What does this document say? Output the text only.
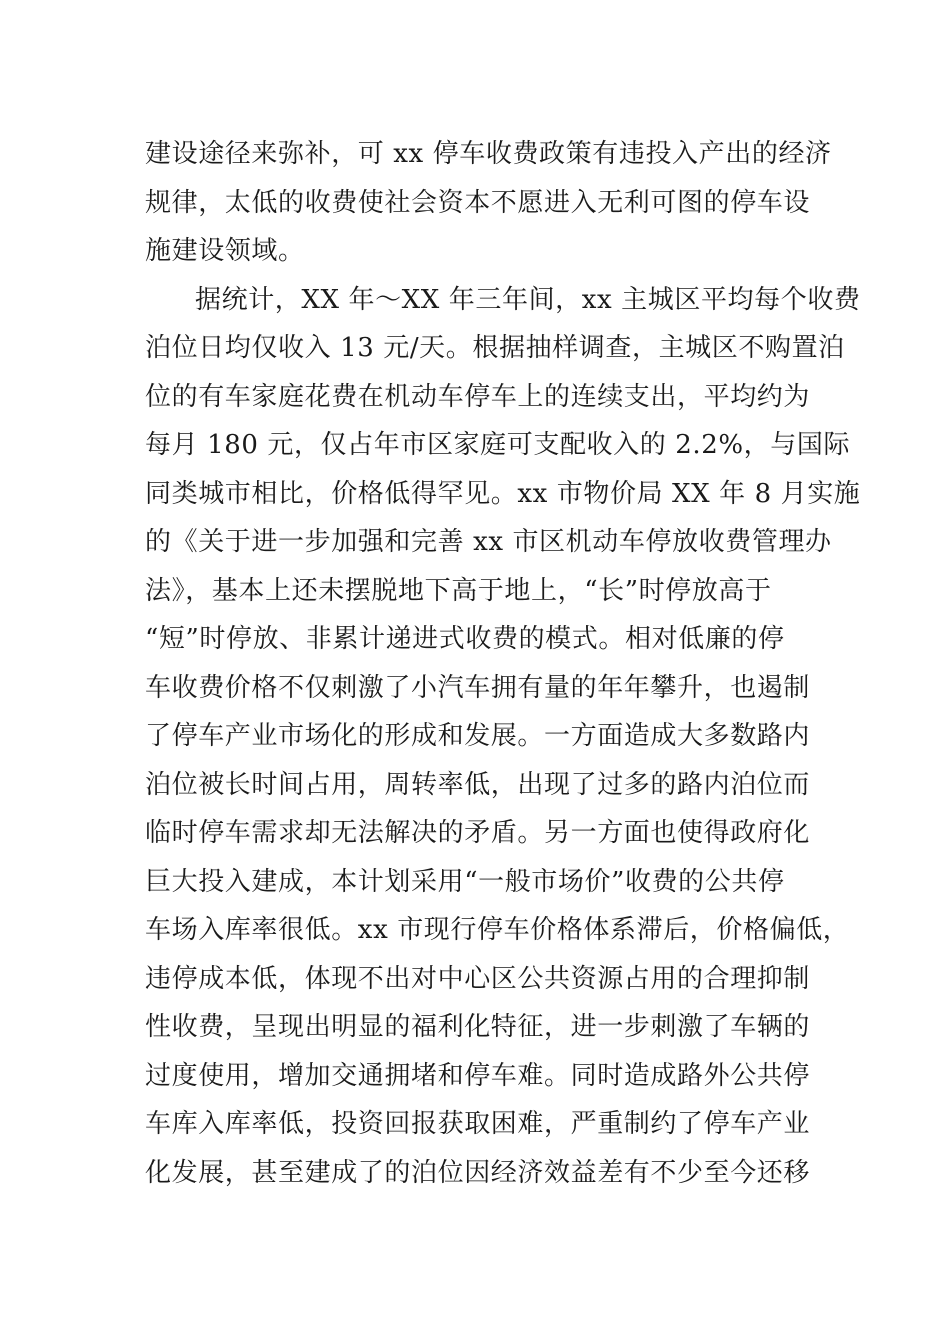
建设途径来弥补，可 xx 停车收费政策有违投入产出的经济
规律，太低的收费使社会资本不愿进入无利可图的停车设
施建设领域。
据统计，XX 年～XX 年三年间，xx 主城区平均每个收费
泊位日均仅收入 13 元/天。根据抽样调查，主城区不购置泊
位的有车家庭花费在机动车停车上的连续支出，平均约为
每月 180 元，仅占年市区家庭可支配收入的 2.2%，与国际
同类城市相比，价格低得罕见。xx 市物价局 XX 年 8 月实施
的《关于进一步加强和完善 xx 市区机动车停放收费管理办
法》，基本上还未摆脱地下高于地上，“长”时停放高于
“短”时停放、非累计递进式收费的模式。相对低廉的停
车收费价格不仅刺激了小汽车拥有量的年年攀升，也遏制
了停车产业市场化的形成和发展。一方面造成大多数路内
泊位被长时间占用，周转率低，出现了过多的路内泊位而
临时停车需求却无法解决的矛盾。另一方面也使得政府化
巨大投入建成，本计划采用“一般市场价”收费的公共停
车场入库率很低。xx 市现行停车价格体系滞后，价格偏低，
违停成本低，体现不出对中心区公共资源占用的合理抑制
性收费，呈现出明显的福利化特征，进一步刺激了车辆的
过度使用，增加交通拥堵和停车难。同时造成路外公共停
车库入库率低，投资回报获取困难，严重制约了停车产业
化发展，甚至建成了的泊位因经济效益差有不少至今还移
